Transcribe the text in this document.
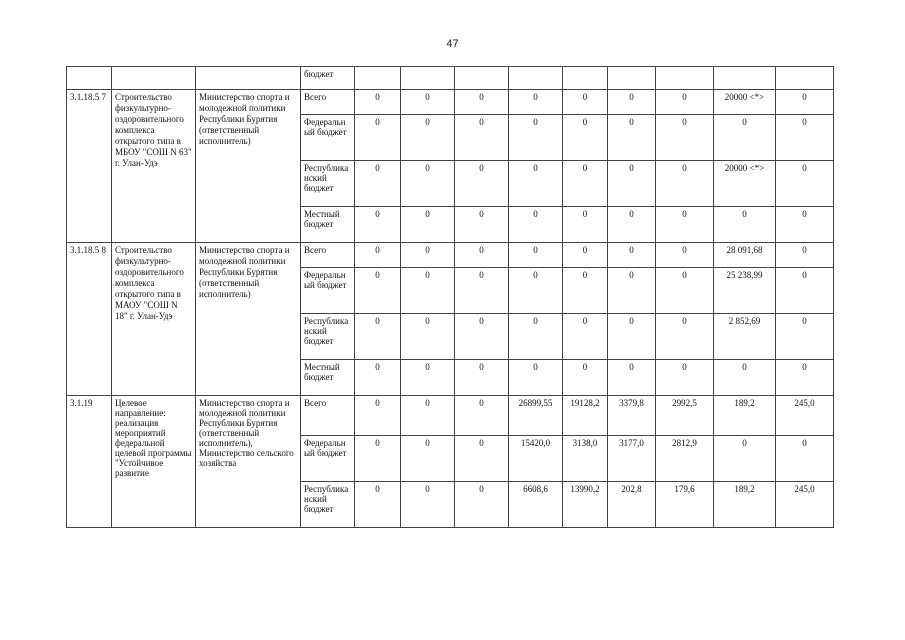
47
			бюджет									
3.1.18.5 7	Строительство физкультурно-оздоровительного комплекса открытого типа в МБОУ "СОШ N 63" г. Улан-Удэ	Министерство спорта и молодежной политики Республики Бурятия (ответственный исполнитель)	Всего	0	0	0	0	0	0	0	20000 <*>	0
			Федеральный бюджет	0	0	0	0	0	0	0	0	0
			Республиканский бюджет	0	0	0	0	0	0	0	20000 <*>	0
			Местный бюджет	0	0	0	0	0	0	0	0	0
3.1.18.5 8	Строительство физкультурно-оздоровительного комплекса открытого типа в МАОУ "СОШ N 18" г. Улан-Удэ	Министерство спорта и молодежной политики Республики Бурятия (ответственный исполнитель)	Всего	0	0	0	0	0	0	0	28 091,68	0
			Федеральный бюджет	0	0	0	0	0	0	0	25 238,99	0
			Республиканский бюджет	0	0	0	0	0	0	0	2 852,69	0
			Местный бюджет	0	0	0	0	0	0	0	0	0
3.1.19	Целевое направление: реализация мероприятий федеральной целевой программы "Устойчивое развитие	Министерство спорта и молодежной политики Республики Бурятия (ответственный исполнитель), Министерство сельского хозяйства	Всего	0	0	0	26899,55	19128,2	3379,8	2992,5	189,2	245,0
			Федеральный бюджет	0	0	0	15420,0	3138,0	3177,0	2812,9	0	0
			Республиканский бюджет	0	0	0	6608,6	13990,2	202,8	179,6	189,2	245,0
